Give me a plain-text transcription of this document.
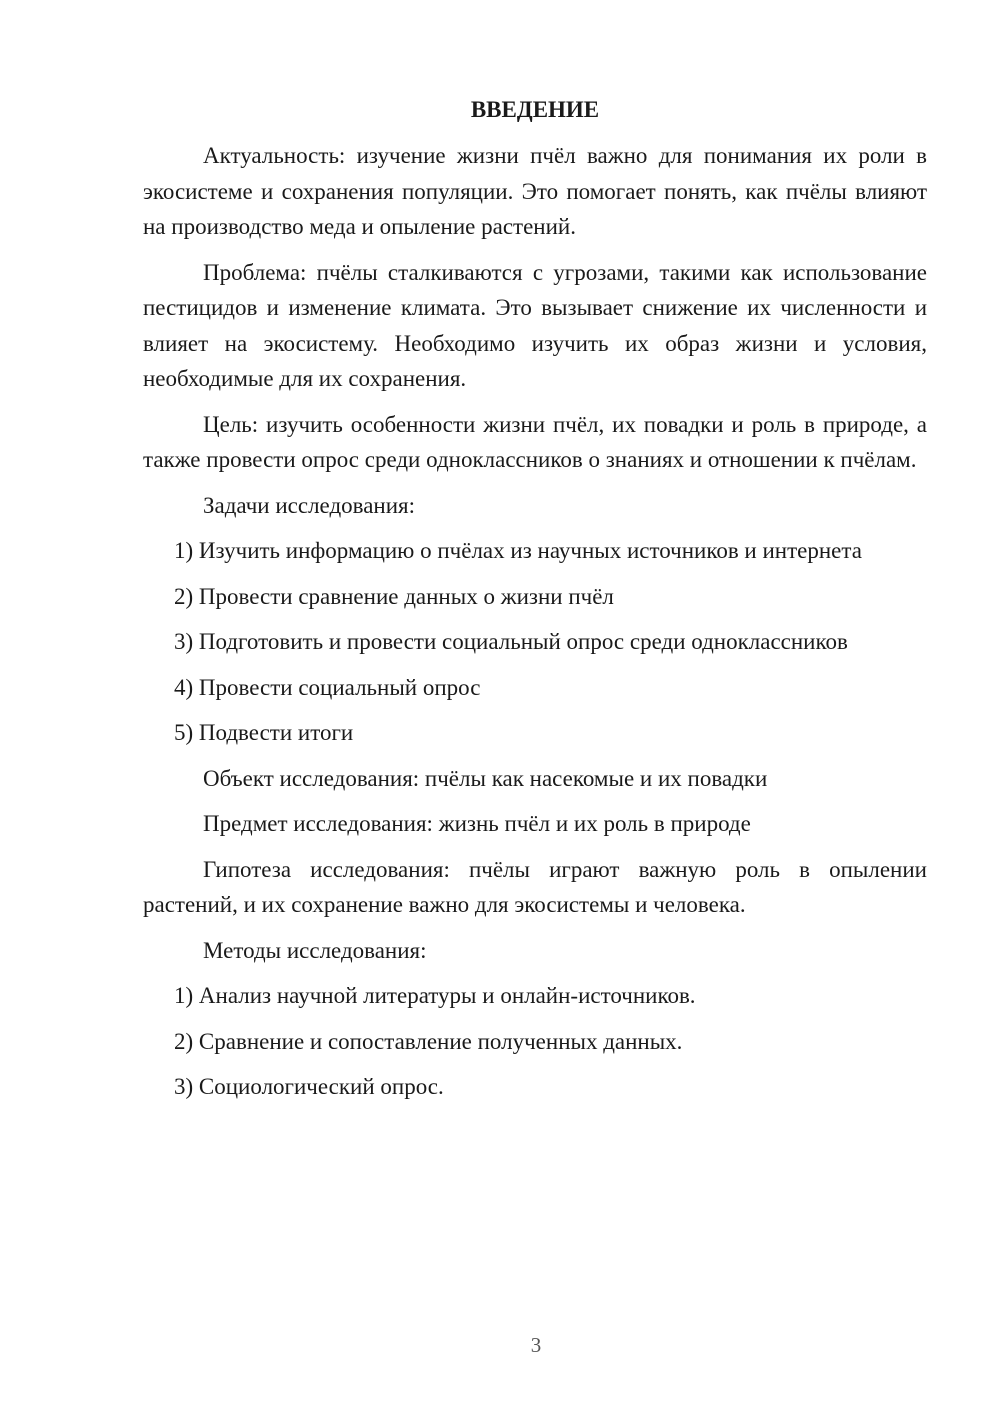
ВВЕДЕНИЕ

Актуальность: изучение жизни пчёл важно для понимания их роли в экосистеме и сохранения популяции. Это помогает понять, как пчёлы влияют на производство меда и опыление растений.

Проблема: пчёлы сталкиваются с угрозами, такими как использование пестицидов и изменение климата. Это вызывает снижение их численности и влияет на экосистему. Необходимо изучить их образ жизни и условия, необходимые для их сохранения.

Цель: изучить особенности жизни пчёл, их повадки и роль в природе, а также провести опрос среди одноклассников о знаниях и отношении к пчёлам.

Задачи исследования:

1) Изучить информацию о пчёлах из научных источников и интернета

2) Провести сравнение данных о жизни пчёл

3) Подготовить и провести социальный опрос среди одноклассников

4) Провести социальный опрос

5) Подвести итоги

Объект исследования: пчёлы как насекомые и их повадки

Предмет исследования: жизнь пчёл и их роль в природе

Гипотеза исследования: пчёлы играют важную роль в опылении растений, и их сохранение важно для экосистемы и человека.

Методы исследования:

1) Анализ научной литературы и онлайн-источников.

2) Сравнение и сопоставление полученных данных.

3) Социологический опрос.

3
